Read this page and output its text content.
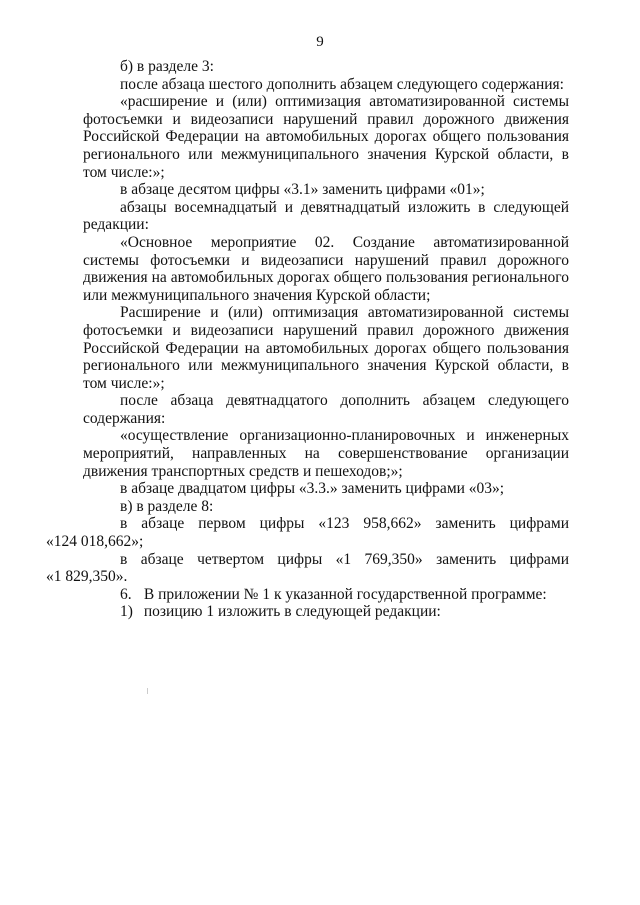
9

б) в разделе 3:

после абзаца шестого дополнить абзацем следующего содержания:

«расширение и (или) оптимизация автоматизированной системы фотосъемки и видеозаписи нарушений правил дорожного движения Российской Федерации на автомобильных дорогах общего пользования регионального или межмуниципального значения Курской области, в том числе:»;

в абзаце десятом цифры «3.1» заменить цифрами «01»;

абзацы восемнадцатый и девятнадцатый изложить в следующей редакции:

«Основное мероприятие 02. Создание автоматизированной системы фотосъемки и видеозаписи нарушений правил дорожного движения на автомобильных дорогах общего пользования регионального или межмуниципального значения Курской области;

Расширение и (или) оптимизация автоматизированной системы фотосъемки и видеозаписи нарушений правил дорожного движения Российской Федерации на автомобильных дорогах общего пользования регионального или межмуниципального значения Курской области, в том числе:»;

после абзаца девятнадцатого дополнить абзацем следующего содержания:

«осуществление организационно-планировочных и инженерных мероприятий, направленных на совершенствование организации движения транспортных средств и пешеходов;»;

в абзаце двадцатом цифры «3.3.» заменить цифрами «03»;

в) в разделе 8:

в абзаце первом цифры «123 958,662» заменить цифрами
«124 018,662»;

в абзаце четвертом цифры «1 769,350» заменить цифрами
«1 829,350».

6. В приложении № 1 к указанной государственной программе:

1) позицию 1 изложить в следующей редакции:
